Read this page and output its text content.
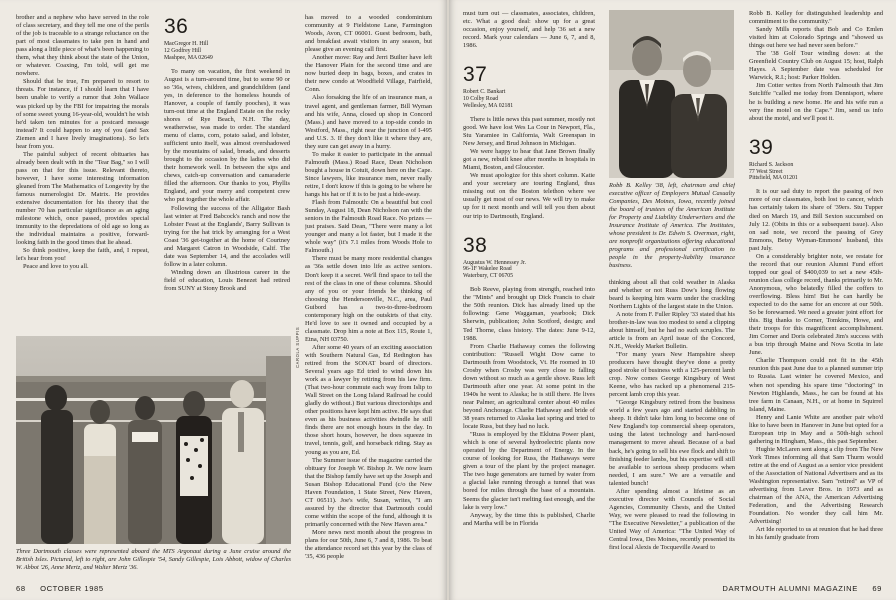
brother and a nephew who have served in the role of class secretary, and they tell me one of the perils of the job is traceable to a strange reluctance on the part of most classmates to take pen in hand and pass along a little piece of what's been happening to them, what they think about the state of the Union, or whatever. Coaxing, I'm told, will get me nowhere.

Should that be true, I'm prepared to resort to threats. For instance, if I should learn that I have been unable to verify a rumor that John Wallace was picked up by the FBI for impairing the morals of some sweet young 16-year-old, wouldn't he wish he'd taken ten minutes for a postcard message instead? It could happen to any of you (and Sax Ziemen and I have lively imaginations). So let's hear from you.

The painful subject of recent obituaries has already been dealt with in the "Tear Bag," so I will pass on that for this issue. Relevant thereto, however, I have some interesting information gleaned from The Mathematics of Longevity by the famous numerologist Dr. Matrix. He provides extensive documentation for his theory that the number 70 has particular significance as an aging milestone which, once passed, provides special immunity to the depredations of old age so long as the individual maintains a positive, forward-looking faith in the good times that lie ahead.

So think positive, keep the faith, and, I repeat, let's hear from you!

Peace and love to you all.

36
MacGregor H. Hill
12 Godfrey Hill
Mashpee, MA 02649

To many on vacation, the first weekend in August is a turn-around time, but to some 90 or so '36s, wives, children, and grandchildren (and yes, in deference to the homeless hounds of Hanover, a couple of family pooches), it was turn-out time at the England Estate on the rocky shores of Rye Beach, N.H. The day, weatherwise, was made to order. The standard menu of clams, corn, potato salad, and lobster, sufficient unto itself, was almost overshadowed by the mountains of salad, breads, and desserts brought to the occasion by the ladies who did their homework well. In between the sips and chews, catch-up conversation and camaraderie filled the afternoon. Our thanks to you, Phyllis England, and your merry and competent crew who put together the whole affair.

Following the success of the Alligator Bash last winter at Fred Babcock's ranch and now the Lobster Feast at the Englands', Barry Sullivan is trying for the hat trick by arranging for a West Coast '36 get-together at the home of Courtney and Margaret Catron in Woodside, Calif. The date was September 14, and the accolades will follow in a later column.

Winding down an illustrious career in the field of education, Louis Benezet had retired from SUNY at Stony Brook and

has moved to a wooded condominium community at 9 Fieldstone Lane, Farmington Woods, Avon, CT 06001. Guest bedroom, bath, and breakfast await visitors in any season, but please give an evening call first.

Another move: Ray and Jerri Builter have left the Hanover Plain for the second time and are now buried deep in bags, boxes, and crates in their new condo at Woodfield Village, Fairfield, Conn.

Also forsaking the life of an insurance man, a travel agent, and gentleman farmer, Bill Wyman and his wife, Anna, closed up shop in Concord (Mass.) and have moved to a top-side condo in Westford, Mass., right near the junction of I-495 and U.S. 3. If they don't like it where they are, they sure can get away in a hurry.

To make it easier to participate in the annual Falmouth (Mass.) Road Race, Dean Nicholson bought a house in Cotuit, down here on the Cape. Since lawyers, like insurance men, never really retire, I don't know if this is going to be where he hangs his hat or if it is to be just a hide-away.

Flash from Falmouth: On a beautiful but cool Sunday, August 18, Dean Nicholson ran with the seniors in the Falmouth Road Race. No prizes — just praises. Said Dean, "There were many a lot younger and many a lot faster, but I made it the whole way" (it's 7.1 miles from Woods Hole to Falmouth.)

There must be many more residential changes as '36s settle down into life as active seniors. Don't keep it a secret. We'll find space to tell the rest of the class in one of these columns. Should any of you or your friends be thinking of choosing the Hendersonville, N.C., area, Paul Guibord has a two-to-three-bedroom contemporary high on the outskirts of that city. He'd love to see it owned and occupied by a classmate. Drop him a note at Box 115, Route 1, Etna, NH 03750.

After some 40 years of an exciting association with Southern Natural Gas, Ed Redington has retired from the SONAT board of directors. Several years ago Ed tried to wind down his work as a lawyer by retiring from his law firm. (That two-hour commute each way from Islip to Wall Street on the Long Island Railroad he could gladly do without.) But various directorships and other positions have kept him active. He says that even as his business activities dwindle he still finds there are not enough hours in the day. In those short hours, however, he does squeeze in travel, tennis, golf, and horseback riding. Stay as young as you are, Ed.

The Summer issue of the magazine carried the obituary for Joseph W. Bishop Jr. We now learn that the Bishop family have set up the Joseph and Susan Bishop Educational Fund (c/o the New Haven Foundation, 1 State Street, New Haven, CT 06511). Joe's wife, Susan, writes, "I am assured by the director that Dartmouth could come within the scope of the fund, although it is primarily concerned with the New Haven area."

More news next month about the progress in plans for our 50th, June 6, 7 and 8, 1986. To beat the attendance record set this year by the class of '35, 436 people

CAROLA SUPPIS
Three Dartmouth classes were represented aboard the MTS Argonaut during a June cruise around the British Isles. Pictured, left to right, are John Gillespie '54, Sandy Gillespie, Lois Abbott, widow of Charles W. Abbot '26, Anne Mertz, and Walter Mertz '36.
68 OCTOBER 1985

must turn out — classmates, associates, children, etc. What a good deal: show up for a great occasion, enjoy yourself, and help '36 set a new record. Mark your calendars — June 6, 7, and 8, 1986.

37
Robert C. Bankart
10 Colby Road
Wellesley, MA 02181

There is little news this past summer, mostly not good. We have lost Wes La Cour in Newport, Fla., Stu Yaramiee in California, Walt Greenspan in New Jersey, and Brud Johnson in Michigan.

We were happy to hear that Jane Brown finally got a new, rebuilt knee after months in hospitals in Miami, Boston, and Gloucester.

We must apologize for this short column. Katie and your secretary are touring England, thus missing out on the Boston telethon where we usually get most of our news. We will try to make up for it next month and will tell you then about our trip to Dartmouth, England.

38
Augustus W. Hennessey Jr.
96-1F Wakelee Road
Waterbury, CT 06705

Bob Reeve, playing from strength, reached into the "Mints" and brought up Dick Francis to chair the 50th reunion. Dick has already lined up the following: Gene Waggaman, yearbook; Dick Sherwin, publication; John Scotford, design; and Ted Thorne, class history. The dates: June 9-12, 1988.

From Charlie Hathaway comes the following contribution: "Russell Wight Dow came to Dartmouth from Woodstock, Vt. He roomed in 10 Crosby when Crosby was very close to falling down without so much as a gentle shove. Russ left Dartmouth after one year. At some point in the 1940s he went to Alaska; he is still there. He lives near Palmer, an agricultural center about 40 miles beyond Anchorage. Charlie Hathaway and bride of 38 years returned to Alaska last spring and tried to locate Russ, but they had no luck.

"Russ is employed by the Eklutna Power plant, which is one of several hydroelectric plants now operated by the Department of Energy. In the course of looking for Russ, the Hathaways were given a tour of the plant by the project manager. The two huge generators are turned by water from a glacial lake running through a tunnel that was bored for miles through the base of a mountain. Seems the glacier isn't melting fast enough, and the lake is very low."

Anyway, by the time this is published, Charlie and Martha will be in Florida

Robb B. Kelley '38, left, chairman and chief executive officer of Employers Mutual Casualty Companies, Des Moines, Iowa, recently joined the board of trustees of the American Institute for Property and Liability Underwriters and the Insurance Institute of America. The Institutes, whose president is Dr. Edwin S. Overman, right, are nonprofit organizations offering educational programs and professional certification to people in the property-liability insurance business.

thinking about all that cold weather in Alaska and whether or not Russ Dow's long flowing beard is keeping him warm under the crackling Northern Lights of the largest state in the Union.

A note from F. Fuller Ripley '33 stated that his brother-in-law was too modest to send a clipping about himself, but he had no such scruples. The article is from an April issue of the Concord, N.H., Weekly Market Bulletin.

"For many years New Hampshire sheep producers have thought they've done a pretty good stroke of business with a 125-percent lamb crop. Now comes George Kingsbury of West Keene, who has racked up a phenomenal 215-percent lamb crop this year.

"George Kingsbury retired from the business world a few years ago and started dabbling in sheep. It didn't take him long to become one of New England's top commercial sheep operators, using the latest technology and hard-nosed management to move ahead. Because of a bad back, he's going to sell his ewe flock and shift to finishing feeder lambs, but his expertise will still be available to serious sheep producers when needed, I am sure." We are a versatile and talented bunch!

After spending almost a lifetime as an executive director with Councils of Social Agencies, Community Chests, and the United Way, we were pleased to read the following in "The Executive Newsletter," a publication of the United Way of America: "The United Way of Central Iowa, Des Moines, recently presented its first local Alexis de Tocqueville Award to

Robb B. Kelley for distinguished leadership and commitment to the community."

Sandy Mills reports that Bob and Co Emlen visited him at Colorado Springs and "showed us things out here we had never seen before."

The '38 Golf Tour winding down: at the Greenfield Country Club on August 15; host, Ralph Hayes. A September date was scheduled for Warwick, R.I.; host: Parker Holden.

Jim Cotter writes from North Falmouth that Jim Sutcliffe "called me today from Dennisport, where he is building a new home. He and his wife run a very fine motel on the Cape." Jim, send us info about the motel, and we'll post it.

39
Richard S. Jackson
77 West Street
Pittsfield, MA 01201

It is our sad duty to report the passing of two more of our classmates, both lost to cancer, which has certainly taken its share of '39ers. Stu Tupper died on March 19, and Bill Sexton succumbed on July 12. (Obits in this or a subsequent issue). Also on sad note, we record the passing of Grey Emmons, Betsy Wyman-Emmons' husband, this past July.

On a considerably brighter note, we restate for the record that our reunion Alumni Fund effort topped our goal of $400,039 to set a new 45th-reunion class college record, thanks primarily to Mr. Anonymous, who belatedly filled the coffers to overflowing. Bless him! But he can hardly be expected to do the same for an encore at our 50th. So be forewarned. We need a greater joint effort for this. Big thanks to Corner, Tomkins, Howe, and their troops for this magnificent accomplishment. Jim Corner and Doris celebrated Jim's success with a bus trip through Maine and Nova Scotia in late June.

Charlie Thompson could not fit in the 45th reunion this past June due to a planned summer trip to Russia. Last winter he covered Mexico, and when not spending his spare time "doctoring" in Newton Highlands, Mass., he can be found at his tree farm in Canaan, N.H., or at home in Squirrel Island, Maine.

Henry and Lanie White are another pair who'd like to have been in Hanover in June but opted for a European trip in May and a 50th-high school gathering in Hingham, Mass., this past September.

Hughie McLaren sent along a clip from The New York Times informing all that Sam Thurm would retire at the end of August as a senior vice president of the Association of National Advertisers and as its Washington representative. Sam "retired" as VP of advertising from Lever Bros. in 1973 and as chairman of the ANA, the American Advertising Federation, and the Advertising Research Foundation. No wonder they call him Mr. Advertising!

Art Ide reported to us at reunion that he had three in his family graduate from

DARTMOUTH ALUMNI MAGAZINE 69
